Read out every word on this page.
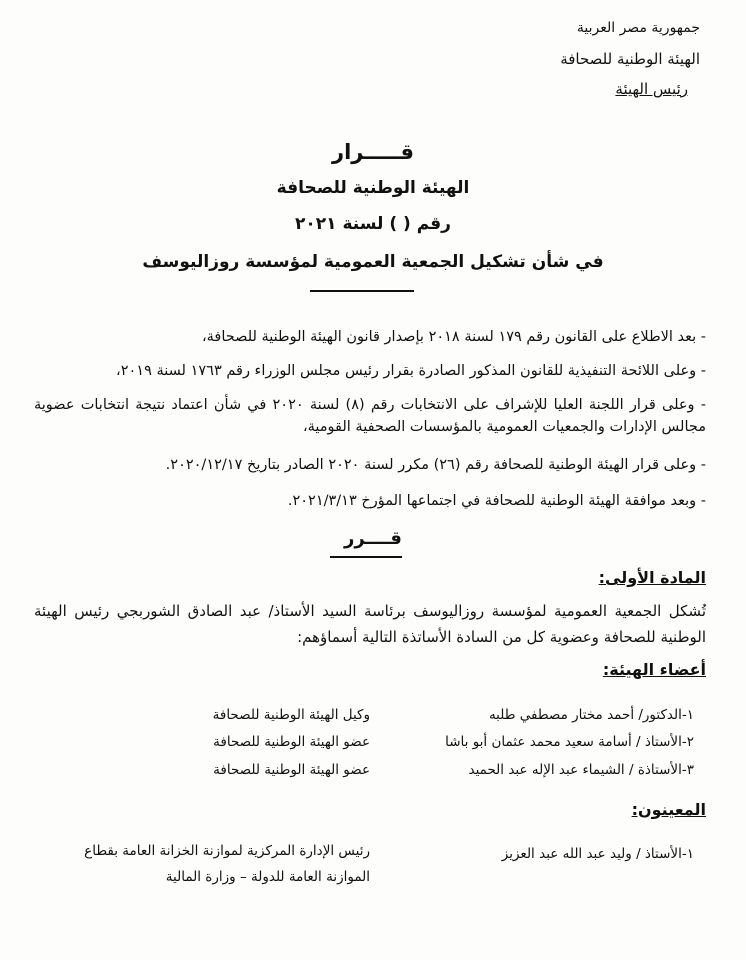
جمهورية مصر العربية
الهيئة الوطنية للصحافة
رئيس الهيئة
قـــــرار
الهيئة الوطنية للصحافة
رقم ( ) لسنة ٢٠٢١
في شأن تشكيل الجمعية العمومية لمؤسسة روزاليوسف
- بعد الاطلاع على القانون رقم ١٧٩ لسنة ٢٠١٨ بإصدار قانون الهيئة الوطنية للصحافة،
- وعلى اللائحة التنفيذية للقانون المذكور الصادرة بقرار رئيس مجلس الوزراء رقم ١٧٦٣ لسنة ٢٠١٩،
- وعلى قرار اللجنة العليا للإشراف على الانتخابات رقم (٨) لسنة ٢٠٢٠ في شأن اعتماد نتيجة انتخابات عضوية مجالس الإدارات والجمعيات العمومية بالمؤسسات الصحفية القومية،
- وعلى قرار الهيئة الوطنية للصحافة رقم (٢٦) مكرر لسنة ٢٠٢٠ الصادر بتاريخ ٢٠٢٠/١٢/١٧.
- وبعد موافقة الهيئة الوطنية للصحافة في اجتماعها المؤرخ ٢٠٢١/٣/١٣.
قــــرر
المادة الأولى:
تُشكل الجمعية العمومية لمؤسسة روزاليوسف برئاسة السيد الأستاذ/ عبد الصادق الشوربجي رئيس الهيئة الوطنية للصحافة وعضوية كل من السادة الأساتذة التالية أسماؤهم:
أعضاء الهيئة:
١-الدكتور/ أحمد مختار مصطفي طلبه
وكيل الهيئة الوطنية للصحافة
٢-الأستاذ / أسامة سعيد محمد عثمان أبو باشا
عضو الهيئة الوطنية للصحافة
٣-الأستاذة / الشيماء عبد الإله عبد الحميد
عضو الهيئة الوطنية للصحافة
المعينون:
١-الأستاذ / وليد عبد الله عبد العزيز
رئيس الإدارة المركزية لموازنة الخزانة العامة بقطاع الموازنة العامة للدولة – وزارة المالية
